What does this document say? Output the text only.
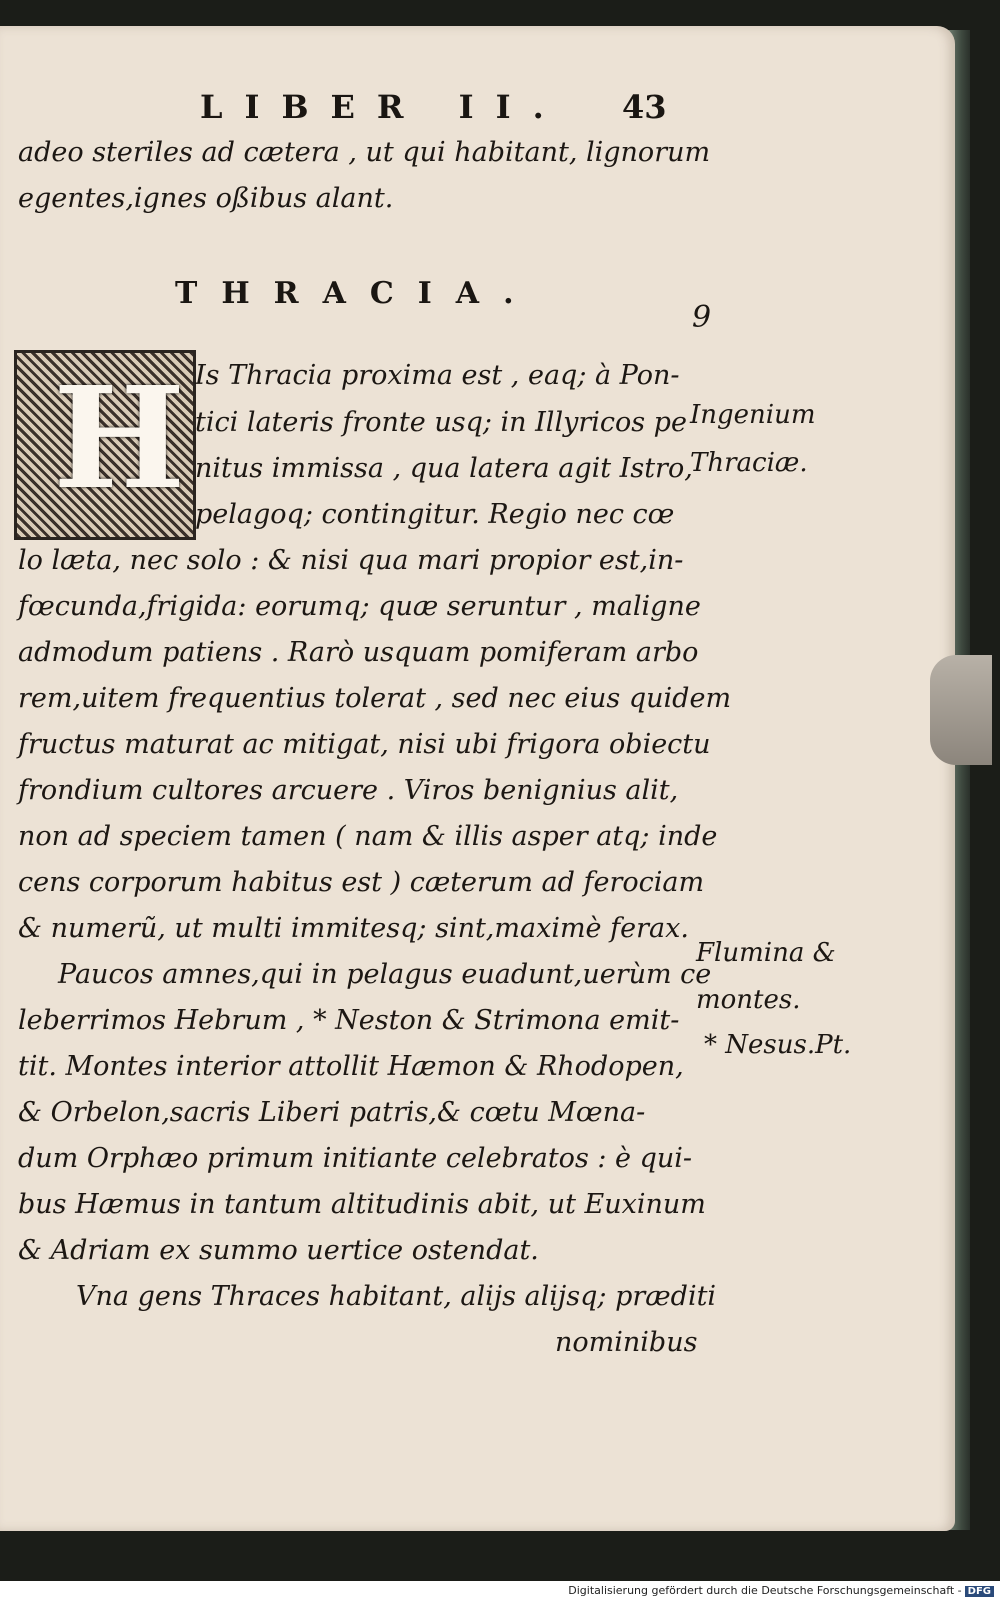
LIBER II.	43
adeo steriles ad cætera , ut qui habitant, lignorum
egentes,ignes oßibus alant.
THRACIA.
9
H Is Thracia proxima est , eaq; à Pon-
tici lateris fronte usq; in Illyricos pe
nitus immissa , qua latera agit Istro,
pelagoq; contingitur. Regio nec cœ
lo læta, nec solo : & nisi qua mari propior est,in-
fœcunda,frigida: eorumq; quæ seruntur , maligne
admodum patiens . Rarò usquam pomiferam arbo
rem,uitem frequentius tolerat , sed nec eius quidem
fructus maturat ac mitigat, nisi ubi frigora obiectu
frondium cultores arcuere . Viros benignius alit,
non ad speciem tamen ( nam & illis asper atq; inde
cens corporum habitus est ) cæterum ad ferociam
& numerũ, ut multi immitesq; sint,maximè ferax.
Paucos amnes,qui in pelagus euadunt,uerùm ce
leberrimos Hebrum , * Neston & Strimona emit-
tit. Montes interior attollit Hæmon & Rhodopen,
& Orbelon,sacris Liberi patris,& cœtu Mœna-
dum Orphæo primum initiante celebratos : è qui-
bus Hæmus in tantum altitudinis abit, ut Euxinum
& Adriam ex summo uertice ostendat.
Vna gens Thraces habitant, alijs alijsq; præditi
nominibus
Ingenium
Thraciæ.
Flumina &
montes.
* Nesus.Pt.
Digitalisierung gefördert durch die Deutsche Forschungsgemeinschaft - DFG
